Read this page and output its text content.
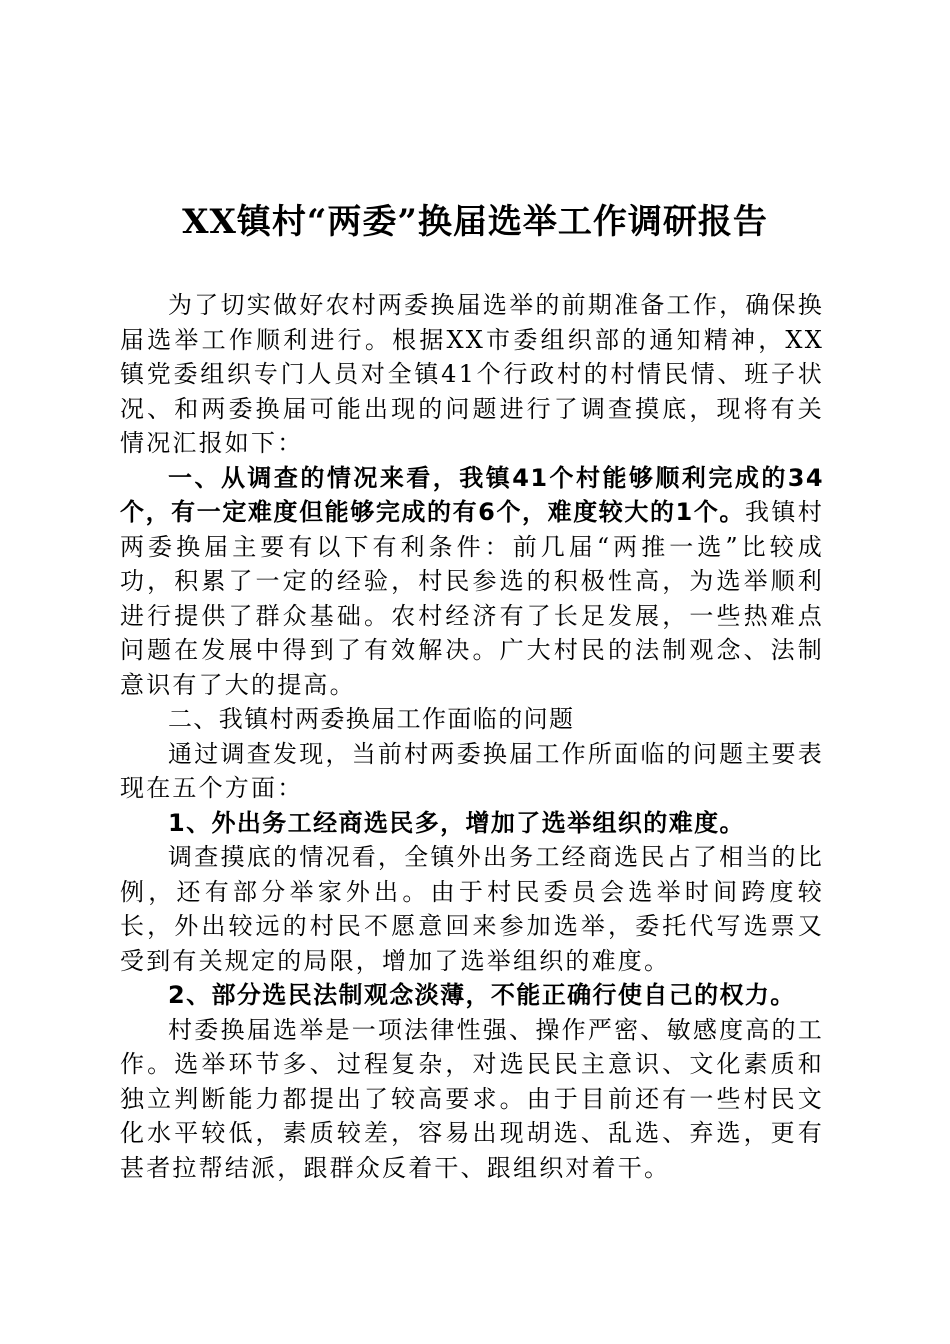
XX镇村“两委”换届选举工作调研报告

为了切实做好农村两委换届选举的前期准备工作，确保换届选举工作顺利进行。根据XX市委组织部的通知精神，XX镇党委组织专门人员对全镇41个行政村的村情民情、班子状况、和两委换届可能出现的问题进行了调查摸底，现将有关情况汇报如下：

一、从调查的情况来看，我镇41个村能够顺利完成的34个，有一定难度但能够完成的有6个，难度较大的1个。我镇村两委换届主要有以下有利条件：前几届“两推一选”比较成功，积累了一定的经验，村民参选的积极性高，为选举顺利进行提供了群众基础。农村经济有了长足发展，一些热难点问题在发展中得到了有效解决。广大村民的法制观念、法制意识有了大的提高。

二、我镇村两委换届工作面临的问题

通过调查发现，当前村两委换届工作所面临的问题主要表现在五个方面：

1、外出务工经商选民多，增加了选举组织的难度。

调查摸底的情况看，全镇外出务工经商选民占了相当的比例，还有部分举家外出。由于村民委员会选举时间跨度较长，外出较远的村民不愿意回来参加选举，委托代写选票又受到有关规定的局限，增加了选举组织的难度。

2、部分选民法制观念淡薄，不能正确行使自己的权力。

村委换届选举是一项法律性强、操作严密、敏感度高的工作。选举环节多、过程复杂，对选民民主意识、文化素质和独立判断能力都提出了较高要求。由于目前还有一些村民文化水平较低，素质较差，容易出现胡选、乱选、弃选，更有甚者拉帮结派，跟群众反着干、跟组织对着干。
